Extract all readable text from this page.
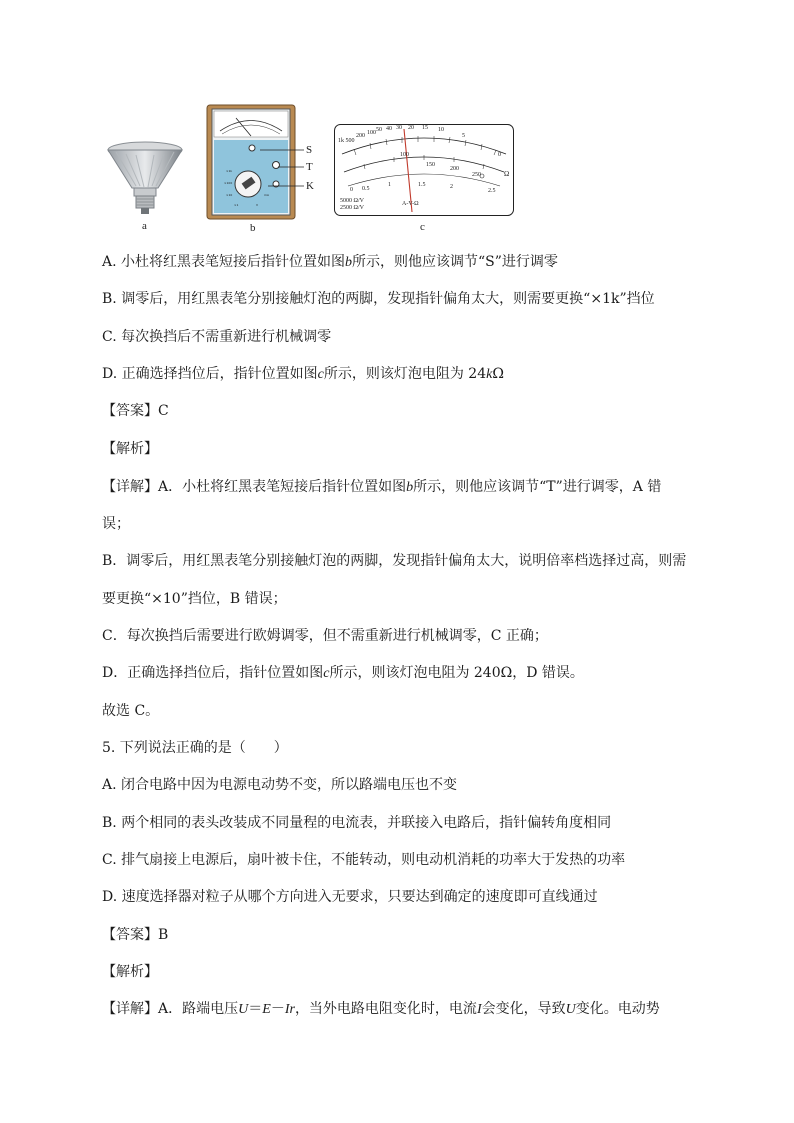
a
×1k
×100
×10
×1	V
mA
S
T
K
b
1k 500
200 100 50 40 30 20 15 10
5
100	0
Ω
150
200
250
0 0.5
1	1.5	2
2.5
5000 Ω/V
2500 Ω/V
A-V-Ω
c
A. 小杜将红黑表笔短接后指针位置如图b所示，则他应该调节“S”进行调零
B. 调零后，用红黑表笔分别接触灯泡的两脚，发现指针偏角太大，则需要更换“×1k”挡位
C. 每次换挡后不需重新进行机械调零
D. 正确选择挡位后，指针位置如图c所示，则该灯泡电阻为 24kΩ
【答案】C
【解析】
【详解】A．小杜将红黑表笔短接后指针位置如图b所示，则他应该调节“T”进行调零，A 错
误；
B．调零后，用红黑表笔分别接触灯泡的两脚，发现指针偏角太大，说明倍率档选择过高，则需
要更换“×10”挡位，B 错误；
C．每次换挡后需要进行欧姆调零，但不需重新进行机械调零，C 正确；
D．正确选择挡位后，指针位置如图c所示，则该灯泡电阻为 240Ω，D 错误。
故选 C。
5. 下列说法正确的是（　　）
A. 闭合电路中因为电源电动势不变，所以路端电压也不变
B. 两个相同的表头改装成不同量程的电流表，并联接入电路后，指针偏转角度相同
C. 排气扇接上电源后，扇叶被卡住，不能转动，则电动机消耗的功率大于发热的功率
D. 速度选择器对粒子从哪个方向进入无要求，只要达到确定的速度即可直线通过
【答案】B
【解析】
【详解】A．路端电压U＝E－Ir，当外电路电阻变化时，电流I会变化，导致U变化。电动势
